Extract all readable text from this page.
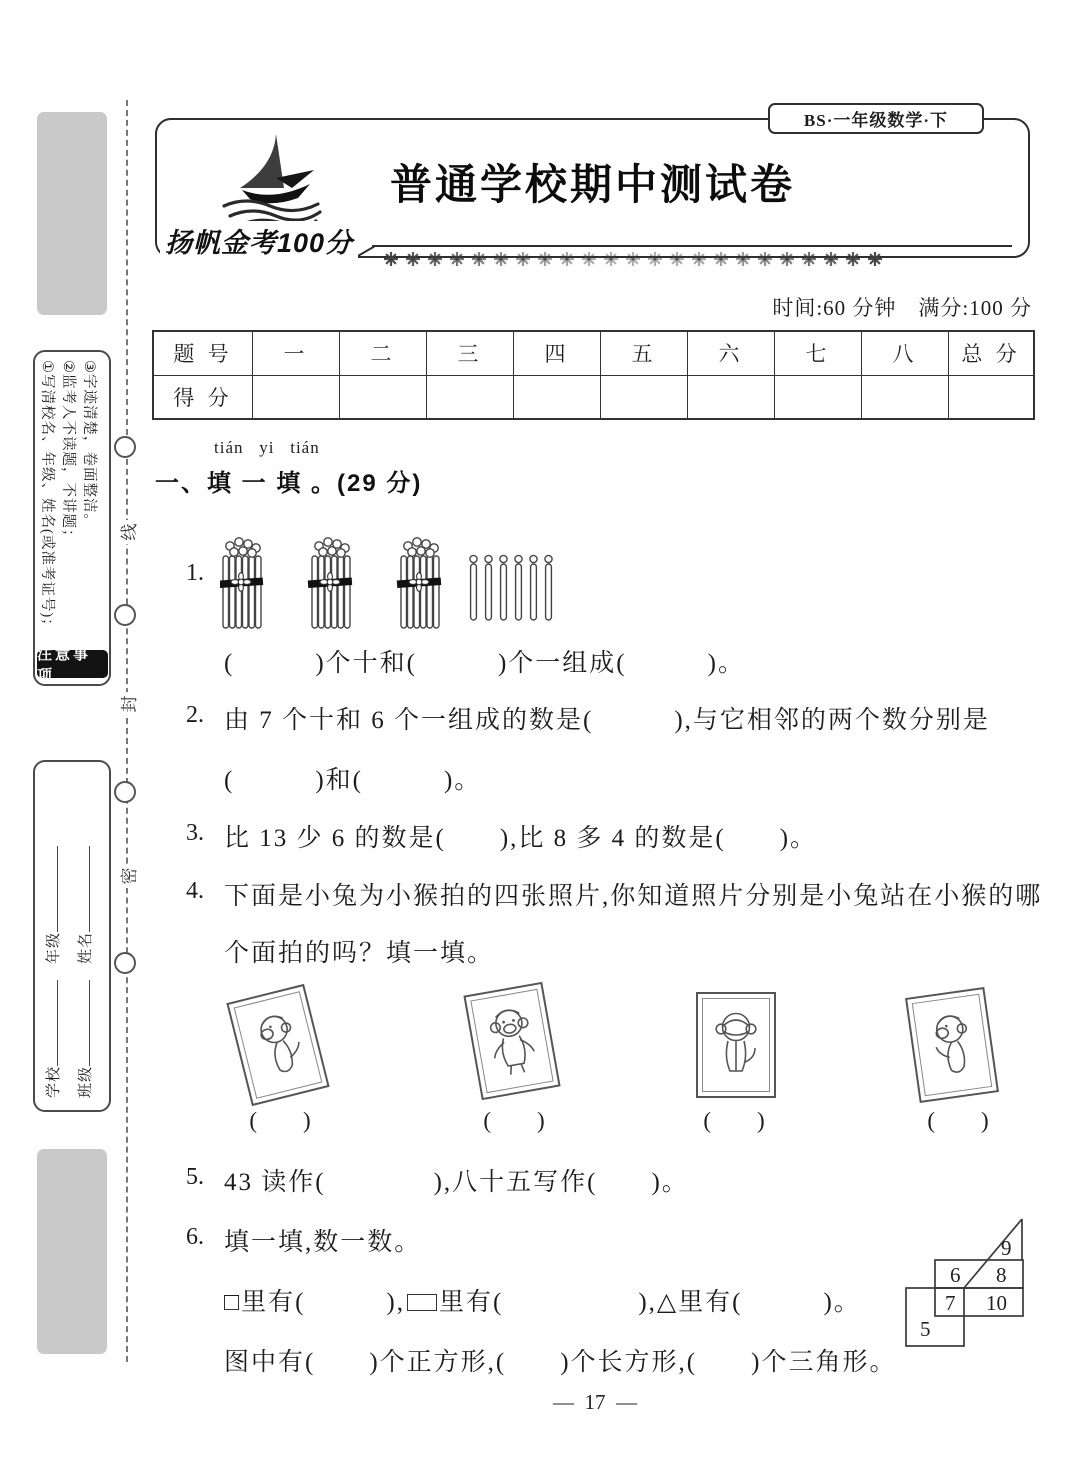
线
封
密
①写清校名、年级、姓名(或准考证号)； ②监考人不读题，不讲题； ③字迹清楚，卷面整洁。
注意事项
学校　年级
班级　姓名
BS·一年级数学·下
普通学校期中测试卷
扬帆金考100分
时间:60 分钟　满分:100 分
题 号	一	二	三	四	五	六	七	八	总 分
得 分									
tián   yi   tián
一、填 一 填 。(29 分)
1.
(　　　)个十和(　　　)个一组成(　　　)。
2. 由 7 个十和 6 个一组成的数是(　　　),与它相邻的两个数分别是
(　　　)和(　　　)。
3. 比 13 少 6 的数是(　　),比 8 多 4 的数是(　　)。
4. 下面是小兔为小猴拍的四张照片,你知道照片分别是小兔站在小猴的哪
个面拍的吗？填一填。
(　　)	(　　)	(　　)	(　　)
5. 43 读作(　　　　),八十五写作(　　)。
6. 填一填,数一数。
□里有(　　　), 里有(　　　　　),△里有(　　　)。
图中有(　　)个正方形,(　　)个长方形,(　　)个三角形。
9
6 8
7 10
5
—  17  —
